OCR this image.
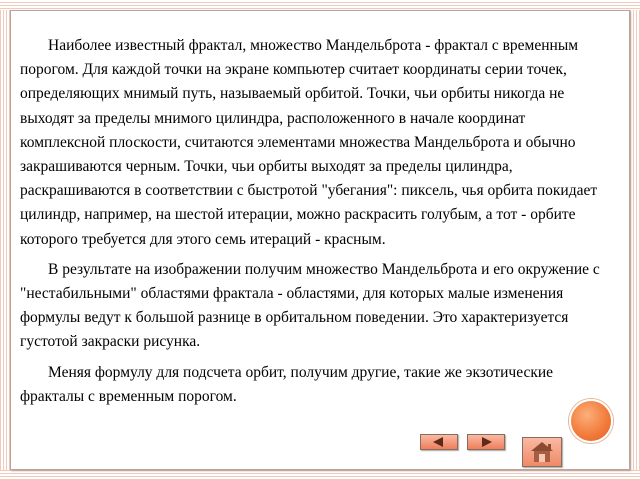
Наиболее известный фрактал, множество Мандельброта - фрактал с временным порогом. Для каждой точки на экране компьютер считает координаты серии точек, определяющих мнимый путь, называемый орбитой. Точки, чьи орбиты никогда не выходят за пределы мнимого цилиндра, расположенного в начале координат комплексной плоскости, считаются элементами множества Мандельброта и обычно закрашиваются черным. Точки, чьи орбиты выходят за пределы цилиндра, раскрашиваются в соответствии с быстротой "убегания": пиксель, чья орбита покидает цилиндр, например, на шестой итерации, можно раскрасить голубым, а тот - орбите которого требуется для этого семь итераций - красным.

В результате на изображении получим множество Мандельброта и его окружение с "нестабильными" областями фрактала - областями, для которых малые изменения формулы ведут к большой разнице в орбитальном поведении. Это характеризуется густотой закраски рисунка.

Меняя формулу для подсчета орбит, получим другие, такие же экзотические фракталы с временным порогом.
